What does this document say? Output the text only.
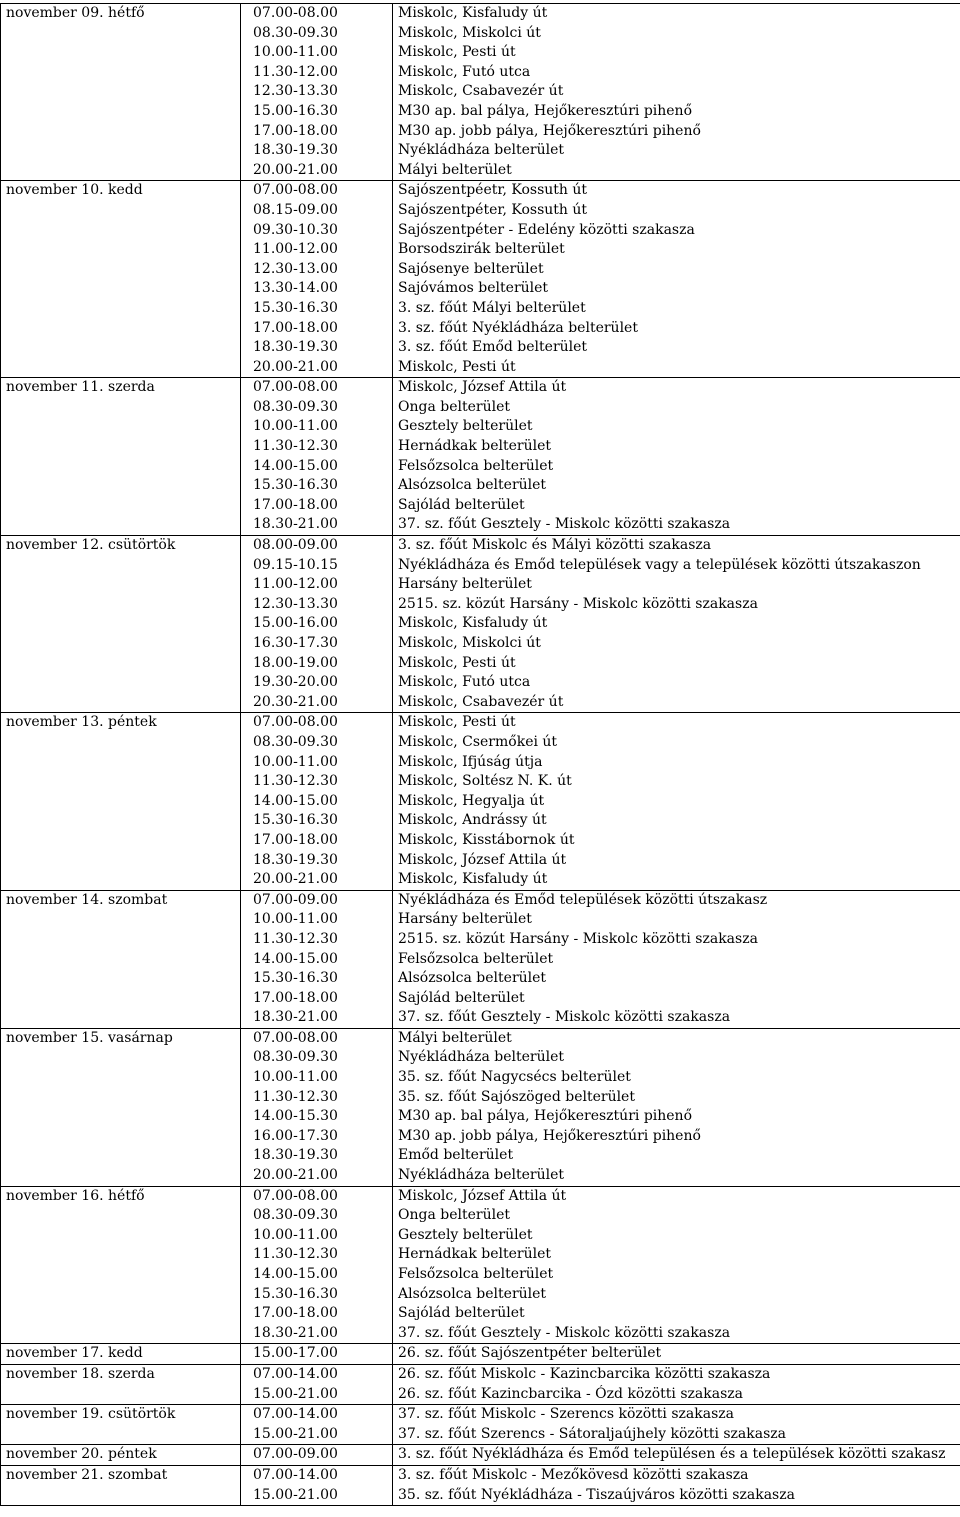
november 09. hétfő	07.00-08.00	Miskolc, Kisfaludy út
	08.30-09.30	Miskolc, Miskolci út
	10.00-11.00	Miskolc, Pesti út
	11.30-12.00	Miskolc, Futó utca
	12.30-13.30	Miskolc, Csabavezér út
	15.00-16.30	M30 ap. bal pálya, Hejőkeresztúri pihenő
	17.00-18.00	M30 ap. jobb pálya, Hejőkeresztúri pihenő
	18.30-19.30	Nyékládháza belterület
	20.00-21.00	Mályi belterület
november 10. kedd	07.00-08.00	Sajószentpéetr, Kossuth út
	08.15-09.00	Sajószentpéter, Kossuth út
	09.30-10.30	Sajószentpéter - Edelény közötti szakasza
	11.00-12.00	Borsodszirák belterület
	12.30-13.00	Sajósenye belterület
	13.30-14.00	Sajóvámos belterület
	15.30-16.30	3. sz. főút Mályi belterület
	17.00-18.00	3. sz. főút Nyékládháza belterület
	18.30-19.30	3. sz. főút Emőd belterület
	20.00-21.00	Miskolc, Pesti út
november 11. szerda	07.00-08.00	Miskolc, József Attila út
	08.30-09.30	Onga belterület
	10.00-11.00	Gesztely belterület
	11.30-12.30	Hernádkak belterület
	14.00-15.00	Felsőzsolca belterület
	15.30-16.30	Alsózsolca belterület
	17.00-18.00	Sajólád belterület
	18.30-21.00	37. sz. főút Gesztely - Miskolc közötti szakasza
november 12. csütörtök	08.00-09.00	3. sz. főút Miskolc és Mályi közötti szakasza
	09.15-10.15	Nyékládháza és Emőd települések vagy a települések közötti útszakaszon
	11.00-12.00	Harsány belterület
	12.30-13.30	2515. sz. közút Harsány - Miskolc közötti szakasza
	15.00-16.00	Miskolc, Kisfaludy út
	16.30-17.30	Miskolc, Miskolci út
	18.00-19.00	Miskolc, Pesti út
	19.30-20.00	Miskolc, Futó utca
	20.30-21.00	Miskolc, Csabavezér út
november 13. péntek	07.00-08.00	Miskolc, Pesti út
	08.30-09.30	Miskolc, Csermőkei út
	10.00-11.00	Miskolc, Ifjúság útja
	11.30-12.30	Miskolc, Soltész N. K. út
	14.00-15.00	Miskolc, Hegyalja út
	15.30-16.30	Miskolc, Andrássy út
	17.00-18.00	Miskolc, Kisstábornok út
	18.30-19.30	Miskolc, József Attila út
	20.00-21.00	Miskolc, Kisfaludy út
november 14. szombat	07.00-09.00	Nyékládháza és Emőd települések közötti útszakasz
	10.00-11.00	Harsány belterület
	11.30-12.30	2515. sz. közút Harsány - Miskolc közötti szakasza
	14.00-15.00	Felsőzsolca belterület
	15.30-16.30	Alsózsolca belterület
	17.00-18.00	Sajólád belterület
	18.30-21.00	37. sz. főút Gesztely - Miskolc közötti szakasza
november 15. vasárnap	07.00-08.00	Mályi belterület
	08.30-09.30	Nyékládháza belterület
	10.00-11.00	35. sz. főút Nagycsécs belterület
	11.30-12.30	35. sz. főút Sajószöged belterület
	14.00-15.30	M30 ap. bal pálya, Hejőkeresztúri pihenő
	16.00-17.30	M30 ap. jobb pálya, Hejőkeresztúri pihenő
	18.30-19.30	Emőd belterület
	20.00-21.00	Nyékládháza belterület
november 16. hétfő	07.00-08.00	Miskolc, József Attila út
	08.30-09.30	Onga belterület
	10.00-11.00	Gesztely belterület
	11.30-12.30	Hernádkak belterület
	14.00-15.00	Felsőzsolca belterület
	15.30-16.30	Alsózsolca belterület
	17.00-18.00	Sajólád belterület
	18.30-21.00	37. sz. főút Gesztely - Miskolc közötti szakasza
november 17. kedd	15.00-17.00	26. sz. főút Sajószentpéter belterület
november 18. szerda	07.00-14.00	26. sz. főút Miskolc - Kazincbarcika közötti szakasza
	15.00-21.00	26. sz. főút Kazincbarcika - Ózd közötti szakasza
november 19. csütörtök	07.00-14.00	37. sz. főút Miskolc - Szerencs közötti szakasza
	15.00-21.00	37. sz. főút Szerencs - Sátoraljaújhely közötti szakasza
november 20. péntek	07.00-09.00	3. sz. főút Nyékládháza és Emőd településen és a települések közötti szakasz
november 21. szombat	07.00-14.00	3. sz. főút Miskolc - Mezőkövesd közötti szakasza
	15.00-21.00	35. sz. főút Nyékládháza - Tiszaújváros közötti szakasza
